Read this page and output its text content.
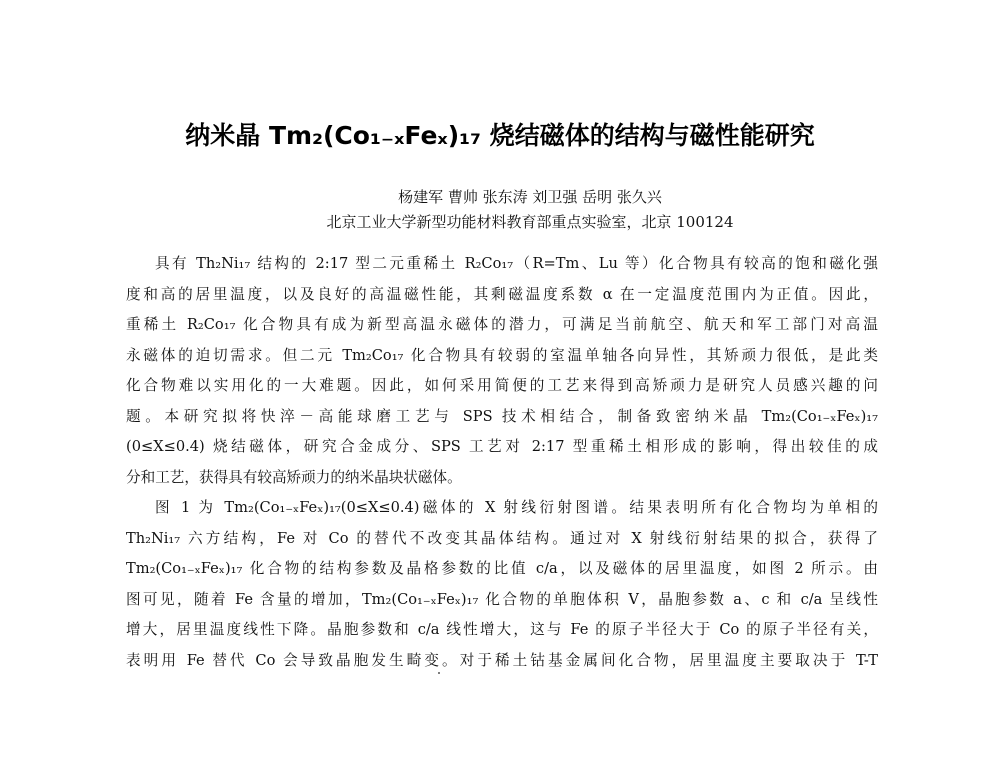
纳米晶 Tm₂(Co₁₋ₓFeₓ)₁₇ 烧结磁体的结构与磁性能研究
杨建军 曹帅 张东涛 刘卫强 岳明 张久兴
北京工业大学新型功能材料教育部重点实验室，北京 100124
具有 Th₂Ni₁₇ 结构的 2:17 型二元重稀土 R₂Co₁₇（R=Tm、Lu 等）化合物具有较高的饱和磁化强
度和高的居里温度，以及良好的高温磁性能，其剩磁温度系数 α 在一定温度范围内为正值。因此，
重稀土 R₂Co₁₇ 化合物具有成为新型高温永磁体的潜力，可满足当前航空、航天和军工部门对高温
永磁体的迫切需求。但二元 Tm₂Co₁₇ 化合物具有较弱的室温单轴各向异性，其矫顽力很低，是此类
化合物难以实用化的一大难题。因此，如何采用简便的工艺来得到高矫顽力是研究人员感兴趣的问
题。本研究拟将快淬－高能球磨工艺与 SPS 技术相结合，制备致密纳米晶 Tm₂(Co₁₋ₓFeₓ)₁₇
(0≤X≤0.4) 烧结磁体，研究合金成分、SPS 工艺对 2:17 型重稀土相形成的影响，得出较佳的成
分和工艺，获得具有较高矫顽力的纳米晶块状磁体。
图 1 为 Tm₂(Co₁₋ₓFeₓ)₁₇(0≤X≤0.4)磁体的 X 射线衍射图谱。结果表明所有化合物均为单相的
Th₂Ni₁₇ 六方结构，Fe 对 Co 的替代不改变其晶体结构。通过对 X 射线衍射结果的拟合，获得了
Tm₂(Co₁₋ₓFeₓ)₁₇ 化合物的结构参数及晶格参数的比值 c/a，以及磁体的居里温度，如图 2 所示。由
图可见，随着 Fe 含量的增加，Tm₂(Co₁₋ₓFeₓ)₁₇ 化合物的单胞体积 V，晶胞参数 a、c 和 c/a 呈线性
增大，居里温度线性下降。晶胞参数和 c/a 线性增大，这与 Fe 的原子半径大于 Co 的原子半径有关，
表明用 Fe 替代 Co 会导致晶胞发生畸变。对于稀土钴基金属间化合物，居里温度主要取决于 T-T
